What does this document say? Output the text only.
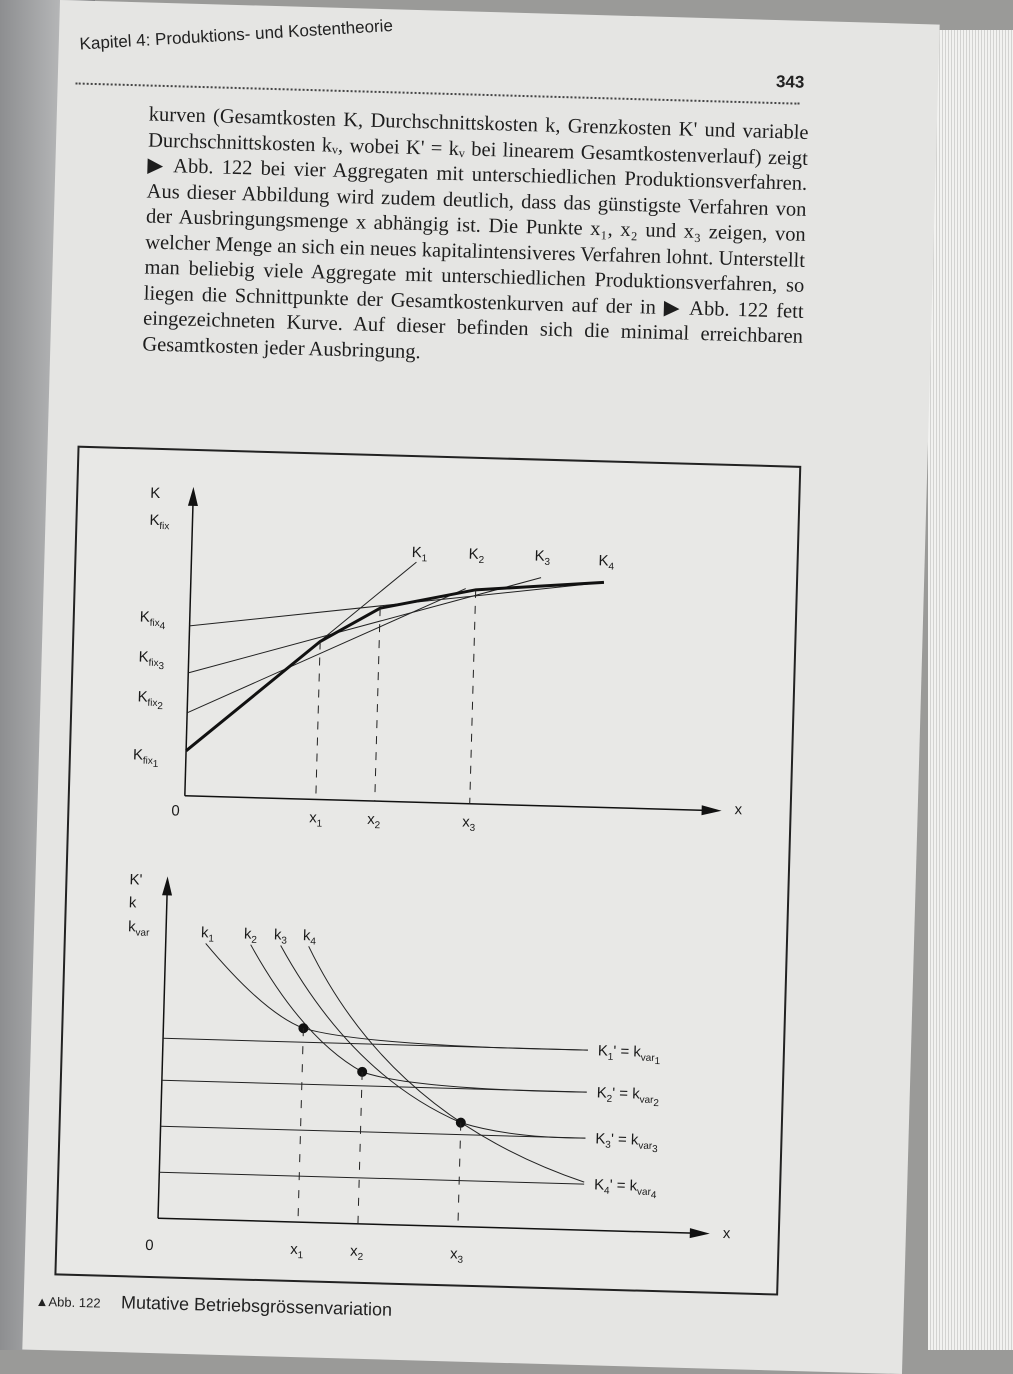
Kapitel 4: Produktions- und Kostentheorie
343

kurven (Gesamtkosten K, Durchschnittskosten k, Grenzkosten K' und variable Durchschnittskosten kᵥ, wobei K' = kᵥ bei linearem Gesamtkostenverlauf) zeigt ▶ Abb. 122 bei vier Aggregaten mit unterschiedlichen Produktionsverfahren. Aus dieser Abbildung wird zudem deutlich, dass das günstigste Verfahren von der Ausbringungsmenge x abhängig ist. Die Punkte x₁, x₂ und x₃ zeigen, von welcher Menge an sich ein neues kapitalintensiveres Verfahren lohnt. Unterstellt man beliebig viele Aggregate mit unterschiedlichen Produktionsverfahren, so liegen die Schnittpunkte der Gesamtkostenkurven auf der in ▶ Abb. 122 fett eingezeichneten Kurve. Auf dieser befinden sich die minimal erreichbaren Gesamtkosten jeder Ausbringung.

K
$K_{fix}$
x
0
$K_{fix4}$
$K_{fix3}$
$K_{fix2}$
$K_{fix1}$
$K_1$	$K_2$	$K_3$	$K_4$
$x_1$	$x_2$	$x_3$
K'
k
$k_{var}$
x
0
$k_1$ $k_2$ $k_3$ $k_4$
$K_1' = k_{var1}$
$K_2' = k_{var2}$
$K_3' = k_{var3}$
$K_4' = k_{var4}$
$x_1$	$x_2$	$x_3$
▲Abb. 122 Mutative Betriebsgrössenvariation
